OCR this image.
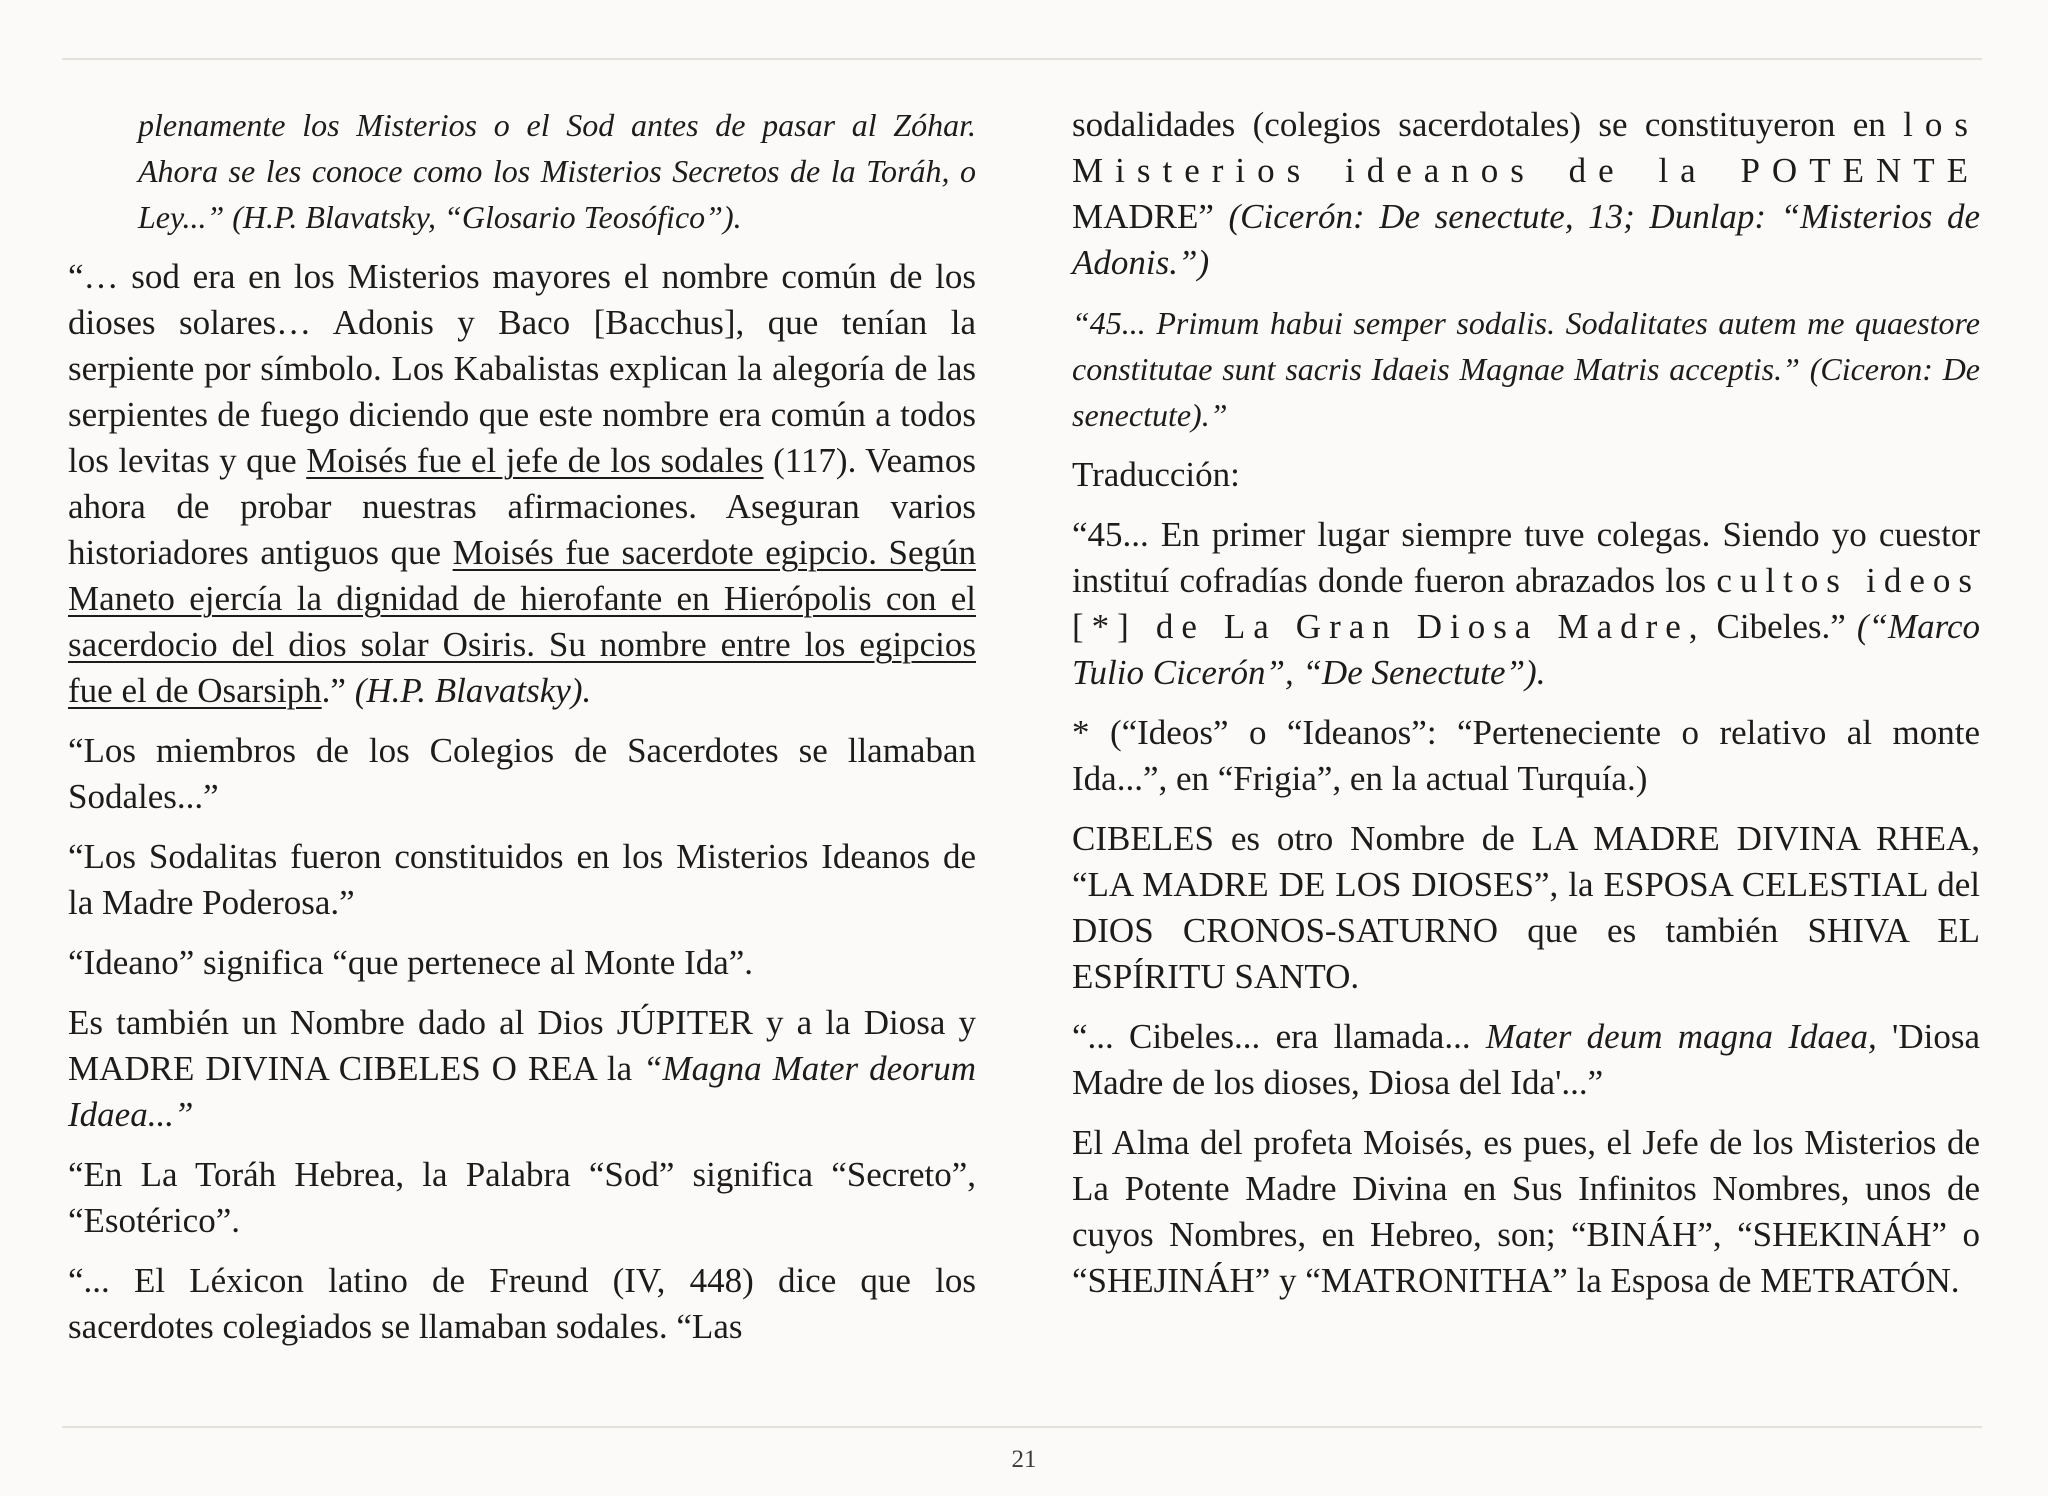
plenamente los Misterios o el Sod antes de pasar al Zóhar. Ahora se les conoce como los Misterios Secretos de la Toráh, o Ley...” (H.P. Blavatsky, “Glosario Teosófico”).

“… sod era en los Misterios mayores el nombre común de los dioses solares… Adonis y Baco [Bacchus], que tenían la serpiente por símbolo. Los Kabalistas explican la alegoría de las serpientes de fuego diciendo que este nombre era común a todos los levitas y que Moisés fue el jefe de los sodales (117). Veamos ahora de probar nuestras afirmaciones. Aseguran varios historiadores antiguos que Moisés fue sacerdote egipcio. Según Maneto ejercía la dignidad de hierofante en Hierópolis con el sacerdocio del dios solar Osiris. Su nombre entre los egipcios fue el de Osarsiph.” (H.P. Blavatsky).

“Los miembros de los Colegios de Sacerdotes se llamaban Sodales...”

“Los Sodalitas fueron constituidos en los Misterios Ideanos de la Madre Poderosa.”

“Ideano” significa “que pertenece al Monte Ida”.

Es también un Nombre dado al Dios JÚPITER y a la Diosa y MADRE DIVINA CIBELES O REA la “Magna Mater deorum Idaea...”

“En La Toráh Hebrea, la Palabra “Sod” significa “Secreto”, “Esotérico”.

“... El Léxicon latino de Freund (IV, 448) dice que los sacerdotes colegiados se llamaban sodales. “Las

sodalidades (colegios sacerdotales) se constituyeron en los Misterios ideanos de la POTENTE MADRE” (Cicerón: De senectute, 13; Dunlap: “Misterios de Adonis.”)

“45... Primum habui semper sodalis. Sodalitates autem me quaestore constitutae sunt sacris Idaeis Magnae Matris acceptis.” (Ciceron: De senectute).”

Traducción:

“45... En primer lugar siempre tuve colegas. Siendo yo cuestor instituí cofradías donde fueron abrazados los cultos ideos [*] de La Gran Diosa Madre, Cibeles.” (“Marco Tulio Cicerón”, “De Senectute”).

* (“Ideos” o “Ideanos”: “Perteneciente o relativo al monte Ida...”, en “Frigia”, en la actual Turquía.)

CIBELES es otro Nombre de LA MADRE DIVINA RHEA, “LA MADRE DE LOS DIOSES”, la ESPOSA CELESTIAL del DIOS CRONOS-SATURNO que es también SHIVA EL ESPÍRITU SANTO.

“... Cibeles... era llamada... Mater deum magna Idaea, 'Diosa Madre de los dioses, Diosa del Ida'...”

El Alma del profeta Moisés, es pues, el Jefe de los Misterios de La Potente Madre Divina en Sus Infinitos Nombres, unos de cuyos Nombres, en Hebreo, son; “BINÁH”, “SHEKINÁH” o “SHEJINÁH” y “MATRONITHA” la Esposa de METRATÓN.

21
